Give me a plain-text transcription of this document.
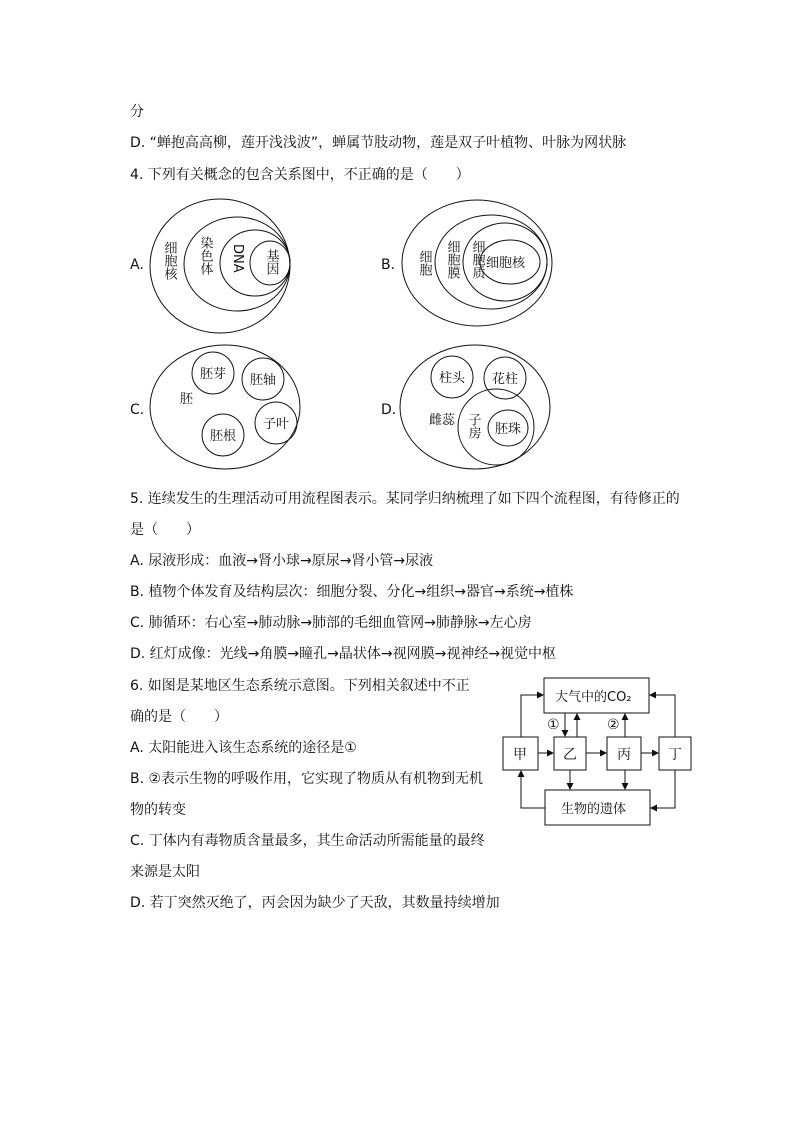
分
D. “蝉抱高高柳，莲开浅浅波”，蝉属节肢动物，莲是双子叶植物、叶脉为网状脉
4. 下列有关概念的包含关系图中，不正确的是（　　）
A. 细胞核 染色体 DNA 基因	B. 细胞 细胞膜 细胞质 细胞核
C.
胚
胚芽 胚轴
子叶
胚根
D.
雌蕊
柱头 花柱
子房 胚珠
5. 连续发生的生理活动可用流程图表示。某同学归纳梳理了如下四个流程图，有待修正的
是（　　）
A. 尿液形成：血液→肾小球→原尿→肾小管→尿液
B. 植物个体发育及结构层次：细胞分裂、分化→组织→器官→系统→植株
C. 肺循环：右心室→肺动脉→肺部的毛细血管网→肺静脉→左心房
D. 红灯成像：光线→角膜→瞳孔→晶状体→视网膜→视神经→视觉中枢
6. 如图是某地区生态系统示意图。下列相关叙述中不正
确的是（　　）
A. 太阳能进入该生态系统的途径是①
B. ②表示生物的呼吸作用，它实现了物质从有机物到无机
物的转变
C. 丁体内有毒物质含量最多，其生命活动所需能量的最终
来源是太阳
D. 若丁突然灭绝了，丙会因为缺少了天敌，其数量持续增加
大气中的CO₂
甲	乙	丙	丁
生物的遗体
①	②
